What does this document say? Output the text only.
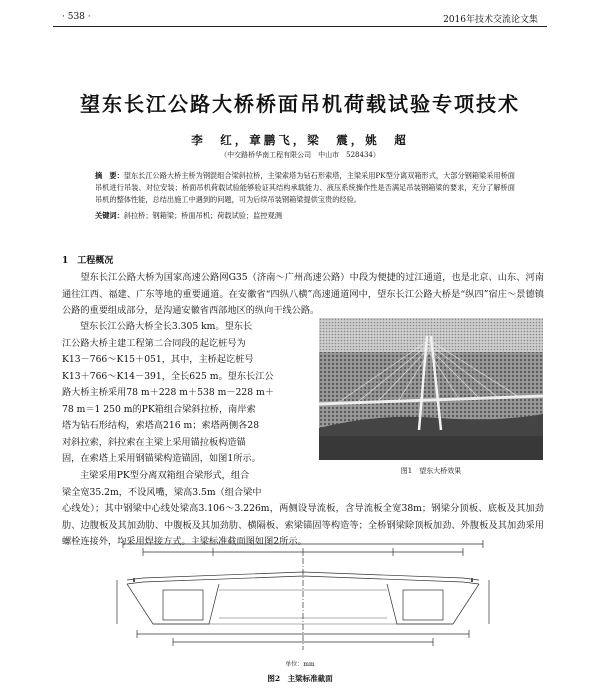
· 538 ·	2016年技术交流论文集
望东长江公路大桥桥面吊机荷载试验专项技术
李　红，章鹏飞，梁　震，姚　超
（中交路桥华南工程有限公司　中山市　528434）
摘　要：望东长江公路大桥主桥为钢混组合梁斜拉桥，主梁索塔为钻石形索塔，主梁采用PK型分离双箱形式，大部分钢箱梁采用桥面吊机进行吊装、对位安装；桥面吊机荷载试验能够验证其结构承载能力、液压系统操作性是否满足吊装钢箱梁的要求，充分了解桥面吊机的整体性能，总结出施工中遇到的问题，可为后续吊装钢箱梁提供宝贵的经验。
关键词：斜拉桥；钢箱梁；桥面吊机；荷载试验；监控观测
1　工程概况
望东长江公路大桥为国家高速公路网G35（济南～广州高速公路）中段为便捷的过江通道，也是北京、山东、河南通往江西、福建、广东等地的重要通道。在安徽省“四纵八横”高速通道网中，望东长江公路大桥是“纵四”宿庄～景德镇公路的重要组成部分，是沟通安徽省西部地区的纵向干线公路。
望东长江公路大桥全长3.305 km。望东长
江公路大桥主建工程第二合同段的起讫桩号为
K13－766～K15＋051，其中，主桥起讫桩号
K13＋766～K14－391，全长625 m。望东长江公
路大桥主桥采用78 m＋228 m＋538 m－228 m＋
78 m＝1 250 m的PK箱组合梁斜拉桥，南岸索
塔为钻石形结构，索塔高216 m；索塔两侧各28
对斜拉索，斜拉索在主梁上采用锚拉板构造锚
固，在索塔上采用钢锚梁构造锚固，如图1所示。
主梁采用PK型分离双箱组合梁形式，组合
梁全宽35.2m，不设风嘴，梁高3.5m（组合梁中
心线处）；其中钢梁中心线处梁高3.106～3.226m，两侧设导流板，含导流板全宽38m；钢梁分顶板、底板及其加劲肋、边腹板及其加劲肋、中腹板及其加劲肋、横隔板、索梁锚固等构造等；全桥钢梁除顶板加劲、外腹板及其加劲采用螺栓连接外，均采用焊接方式。主梁标准截面图如图2所示。
图1　望东大桥效果
单位：mm
图2　主梁标准截面
